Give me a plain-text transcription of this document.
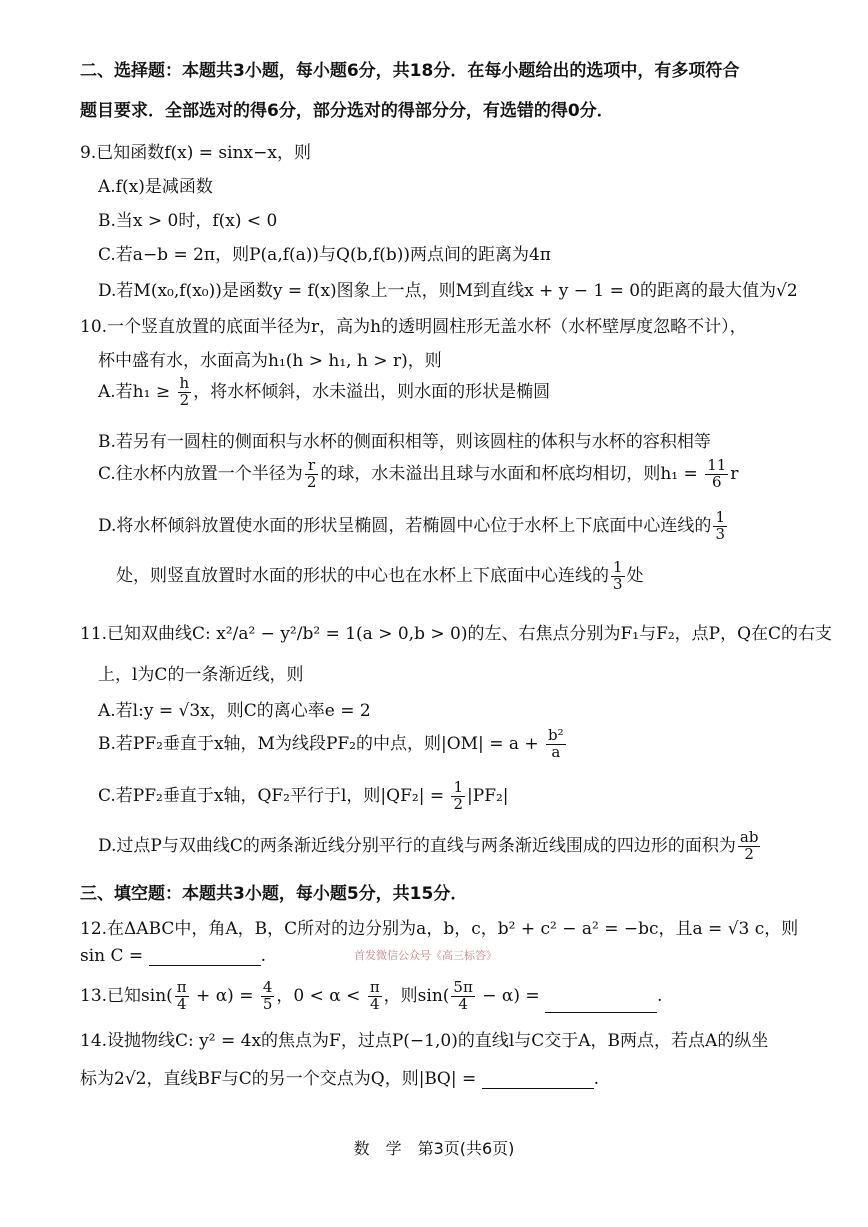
二、选择题：本题共3小题，每小题6分，共18分．在每小题给出的选项中，有多项符合
题目要求．全部选对的得6分，部分选对的得部分分，有选错的得0分．
9.已知函数f(x) = sinx−x，则
A.f(x)是减函数
B.当x > 0时，f(x) < 0
C.若a−b = 2π，则P(a,f(a))与Q(b,f(b))两点间的距离为4π
D.若M(x₀,f(x₀))是函数y = f(x)图象上一点，则M到直线x + y − 1 = 0的距离的最大值为√2
10.一个竖直放置的底面半径为r，高为h的透明圆柱形无盖水杯（水杯壁厚度忽略不计），
杯中盛有水，水面高为h₁(h > h₁, h > r)，则
A.若$h_1 \ge \frac{h}{2}$ ，将水杯倾斜，水未溢出，则水面的形状是椭圆
B.若另有一圆柱的侧面积与水杯的侧面积相等，则该圆柱的体积与水杯的容积相等
C.往水杯内放置一个半径为 $\frac{r}{2}$ 的球，水未溢出且球与水面和杯底均相切，则$h_1 = \frac{11}{6}$ r
D.将水杯倾斜放置使水面的形状呈椭圆，若椭圆中心位于水杯上下底面中心连线的 $\frac{1}{3}$
处，则竖直放置时水面的形状的中心也在水杯上下底面中心连线的 $\frac{1}{3}$ 处
11.已知双曲线C: x²/a² − y²/b² = 1(a > 0,b > 0)的左、右焦点分别为F₁与F₂，点P，Q在C的右支
上，l为C的一条渐近线，则
A.若l:y = √3x，则C的离心率e = 2
B.若PF₂垂直于x轴，M为线段PF₂的中点，则$|OM| = a + \frac{\text{b²}}{a}$
C.若PF₂垂直于x轴，QF₂平行于l，则$|QF_2| = \frac{1}{2} |PF_2|$
D.过点P与双曲线C的两条渐近线分别平行的直线与两条渐近线围成的四边形的面积为 $\frac{ab}{2}$
三、填空题：本题共3小题，每小题5分，共15分．
12.在ΔABC中，角A，B，C所对的边分别为a，b，c，b² + c² − a² = −bc，且a = √3 c，则
sin C =	.	首发微信公众号《高三标答》
13.已知$\sin( \frac{\pi}{4} + \alpha) = \frac{4}{5}$ ，$0 < \alpha < \frac{\pi}{4}$ ，则$\sin( \frac{5\pi}{4} - \alpha)$ =	.
14.设抛物线C: y² = 4x的焦点为F，过点P(−1,0)的直线l与C交于A，B两点，若点A的纵坐
标为2√2，直线BF与C的另一个交点为Q，则|BQ| =	.
数　学　第3页(共6页)
